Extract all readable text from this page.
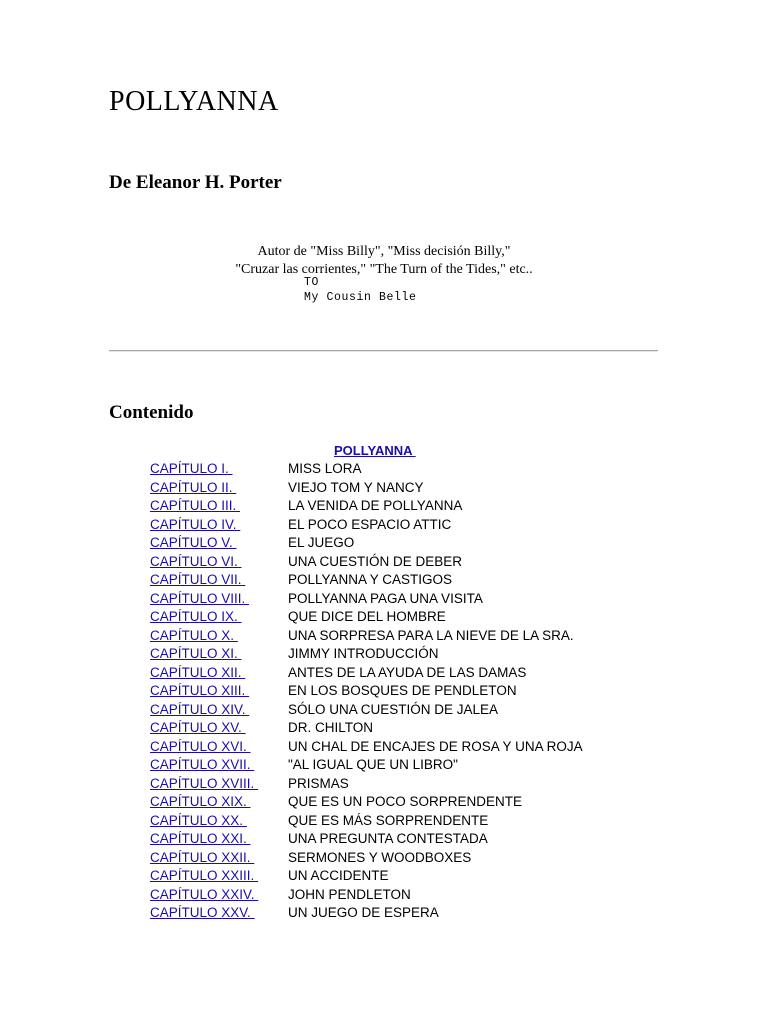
POLLYANNA
De Eleanor H. Porter
Autor de "Miss Billy", "Miss decisión Billy,"
"Cruzar las corrientes," "The Turn of the Tides," etc..
TO
My Cousin Belle
Contenido
POLLYANNA
CAPÍTULO I.	MISS LORA
CAPÍTULO II.	VIEJO TOM Y NANCY
CAPÍTULO III.	LA VENIDA DE POLLYANNA
CAPÍTULO IV.	EL POCO ESPACIO ATTIC
CAPÍTULO V.	EL JUEGO
CAPÍTULO VI.	UNA CUESTIÓN DE DEBER
CAPÍTULO VII.	POLLYANNA Y CASTIGOS
CAPÍTULO VIII.	POLLYANNA PAGA UNA VISITA
CAPÍTULO IX.	QUE DICE DEL HOMBRE
CAPÍTULO X.	UNA SORPRESA PARA LA NIEVE DE LA SRA.
CAPÍTULO XI.	JIMMY INTRODUCCIÓN
CAPÍTULO XII.	ANTES DE LA AYUDA DE LAS DAMAS
CAPÍTULO XIII.	EN LOS BOSQUES DE PENDLETON
CAPÍTULO XIV.	SÓLO UNA CUESTIÓN DE JALEA
CAPÍTULO XV.	DR. CHILTON
CAPÍTULO XVI.	UN CHAL DE ENCAJES DE ROSA Y UNA ROJA
CAPÍTULO XVII. "AL IGUAL QUE UN LIBRO"
CAPÍTULO XVIII. PRISMAS
CAPÍTULO XIX.	QUE ES UN POCO SORPRENDENTE
CAPÍTULO XX.	QUE ES MÁS SORPRENDENTE
CAPÍTULO XXI.	UNA PREGUNTA CONTESTADA
CAPÍTULO XXII. SERMONES Y WOODBOXES
CAPÍTULO XXIII. UN ACCIDENTE
CAPÍTULO XXIV. JOHN PENDLETON
CAPÍTULO XXV. UN JUEGO DE ESPERA
